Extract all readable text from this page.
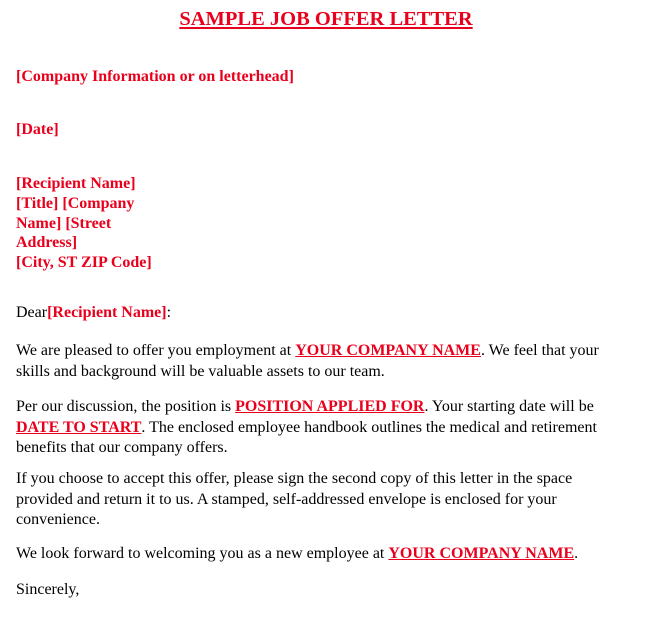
SAMPLE JOB OFFER LETTER
[Company Information or on letterhead]
[Date]
[Recipient Name]
[Title] [Company
Name] [Street
Address]
[City, ST ZIP Code]

Dear[Recipient Name]:

We are pleased to offer you employment at YOUR COMPANY NAME. We feel that your skills and background will be valuable assets to our team.

Per our discussion, the position is POSITION APPLIED FOR. Your starting date will be DATE TO START. The enclosed employee handbook outlines the medical and retirement benefits that our company offers.

If you choose to accept this offer, please sign the second copy of this letter in the space provided and return it to us. A stamped, self-addressed envelope is enclosed for your convenience.

We look forward to welcoming you as a new employee at YOUR COMPANY NAME.

Sincerely,
